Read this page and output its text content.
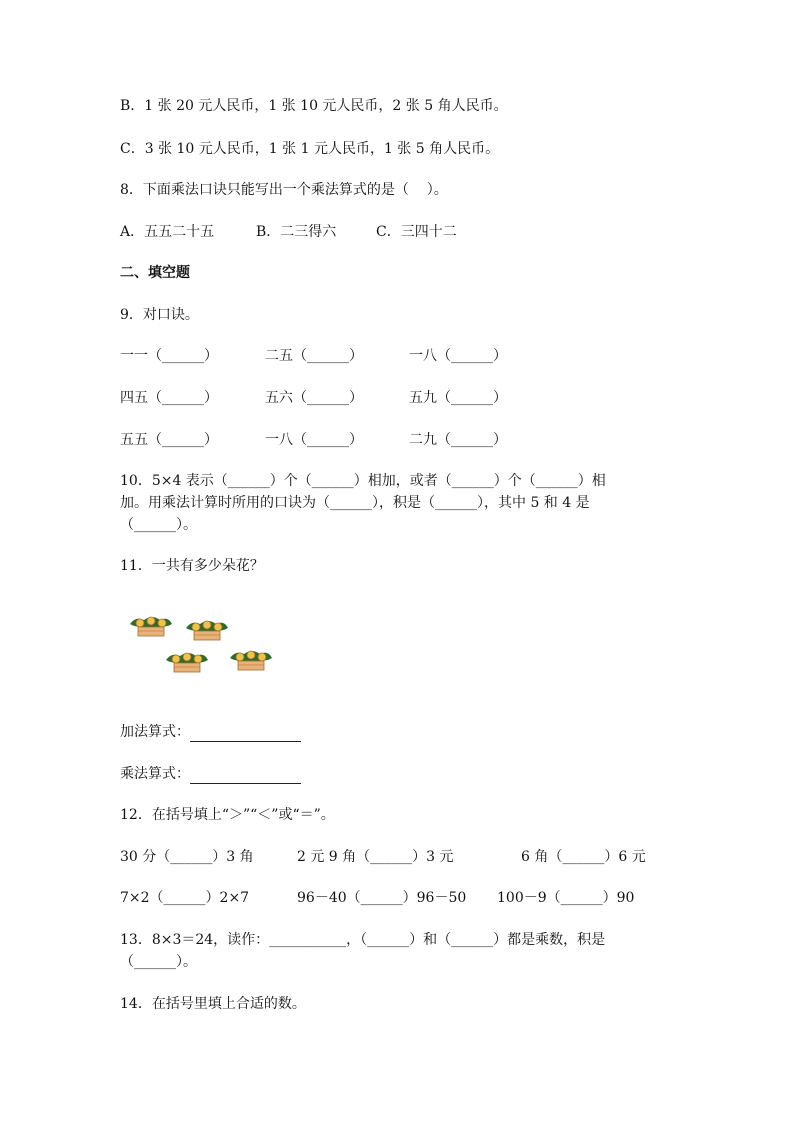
B．1 张 20 元人民币，1 张 10 元人民币，2 张 5 角人民币。
C．3 张 10 元人民币，1 张 1 元人民币，1 张 5 角人民币。
8．下面乘法口诀只能写出一个乘法算式的是（    ）。
A．五五二十五	B．二三得六	C．三四十二
二、填空题
9．对口诀。
一一（______）	二五（______）	一八（______）
四五（______）	五六（______）	五九（______）
五五（______）	一八（______）	二九（______）
10．5×4 表示（______）个（______）相加，或者（______）个（______）相
加。用乘法计算时所用的口诀为（______），积是（______），其中 5 和 4 是
（______）。
11．一共有多少朵花？
加法算式：
乘法算式：
12．在括号填上“＞”“＜”或“＝”。
30 分（______）3 角	2 元 9 角（______）3 元	6 角（______）6 元
7×2（______）2×7	96－40（______）96－50 100－9（______）90
13．8×3＝24，读作：___________，（______）和（______）都是乘数，积是
（______）。
14．在括号里填上合适的数。
